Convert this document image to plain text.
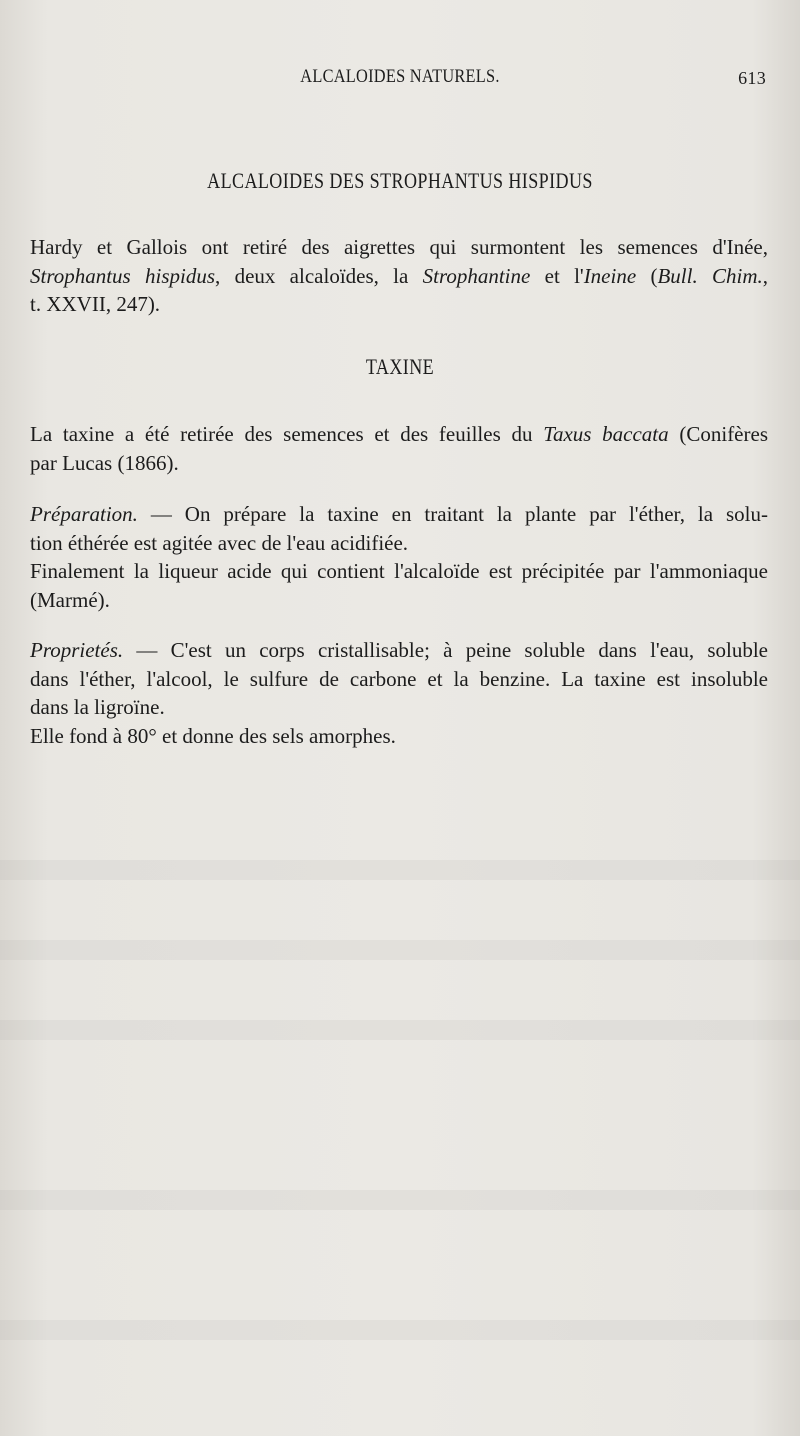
ALCALOIDES NATURELS.	613
ALCALOIDES DES STROPHANTUS HISPIDUS
Hardy et Gallois ont retiré des aigrettes qui surmontent les semences d'Inée,
Strophantus hispidus, deux alcaloïdes, la Strophantine et l'Ineine (Bull. Chim.,
t. XXVII, 247).
TAXINE
La taxine a été retirée des semences et des feuilles du Taxus baccata (Conifères
par Lucas (1866).
Préparation. — On prépare la taxine en traitant la plante par l'éther, la solu-
tion éthérée est agitée avec de l'eau acidifiée.
Finalement la liqueur acide qui contient l'alcaloïde est précipitée par l'ammoniaque
(Marmé).
Proprietés. — C'est un corps cristallisable; à peine soluble dans l'eau, soluble
dans l'éther, l'alcool, le sulfure de carbone et la benzine. La taxine est insoluble
dans la ligroïne.
Elle fond à 80° et donne des sels amorphes.
